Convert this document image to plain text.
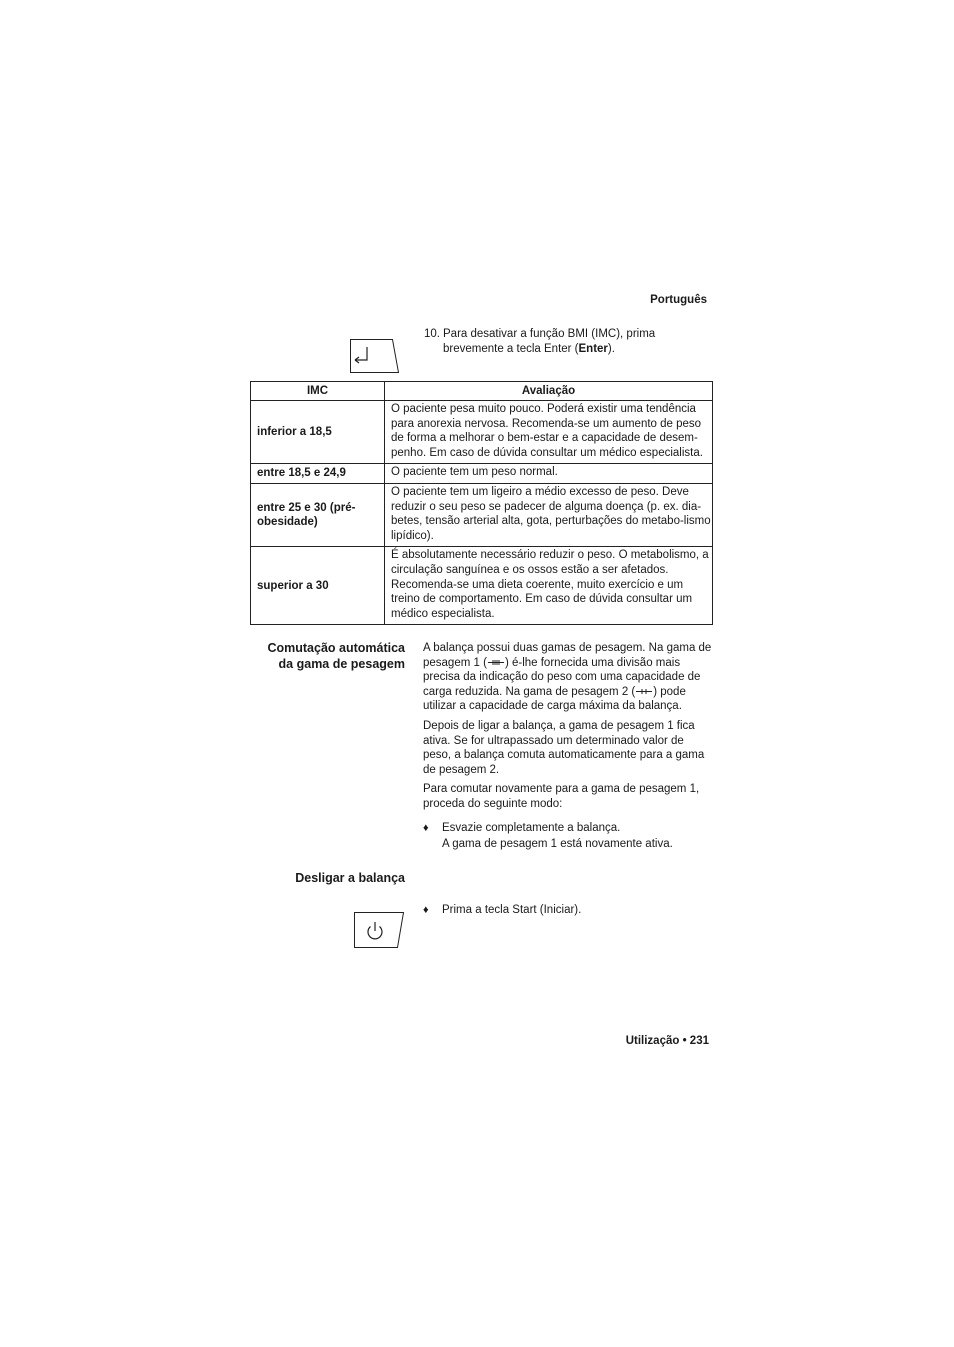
Português
10. Para desativar a função BMI (IMC), prima brevemente a tecla Enter (Enter).
IMC	Avaliação
inferior a 18,5	O paciente pesa muito pouco. Poderá existir uma tendência para anorexia nervosa. Recomenda-se um aumento de peso de forma a melhorar o bem-estar e a capacidade de desem-penho. Em caso de dúvida consultar um médico especialista.
entre 18,5 e 24,9	O paciente tem um peso normal.
entre 25 e 30 (pré-obesidade)	O paciente tem um ligeiro a médio excesso de peso. Deve reduzir o seu peso se padecer de alguma doença (p. ex. dia-betes, tensão arterial alta, gota, perturbações do metabo-lismo lipídico).
superior a 30	É absolutamente necessário reduzir o peso. O metabolismo, a circulação sanguínea e os ossos estão a ser afetados. Recomenda-se uma dieta coerente, muito exercício e um treino de comportamento. Em caso de dúvida consultar um médico especialista.
Comutação automática
da gama de pesagem

A balança possui duas gamas de pesagem. Na gama de pesagem 1 ( ) é-lhe fornecida uma divisão mais precisa da indicação do peso com uma capacidade de carga reduzida. Na gama de pesagem 2 ( ) pode utilizar a capacidade de carga máxima da balança.

Depois de ligar a balança, a gama de pesagem 1 fica ativa. Se for ultrapassado um determinado valor de peso, a balança comuta automaticamente para a gama de pesagem 2.

Para comutar novamente para a gama de pesagem 1, proceda do seguinte modo:

♦ Esvazie completamente a balança.
A gama de pesagem 1 está novamente ativa.
Desligar a balança
♦ Prima a tecla Start (Iniciar).
Utilização • 231
